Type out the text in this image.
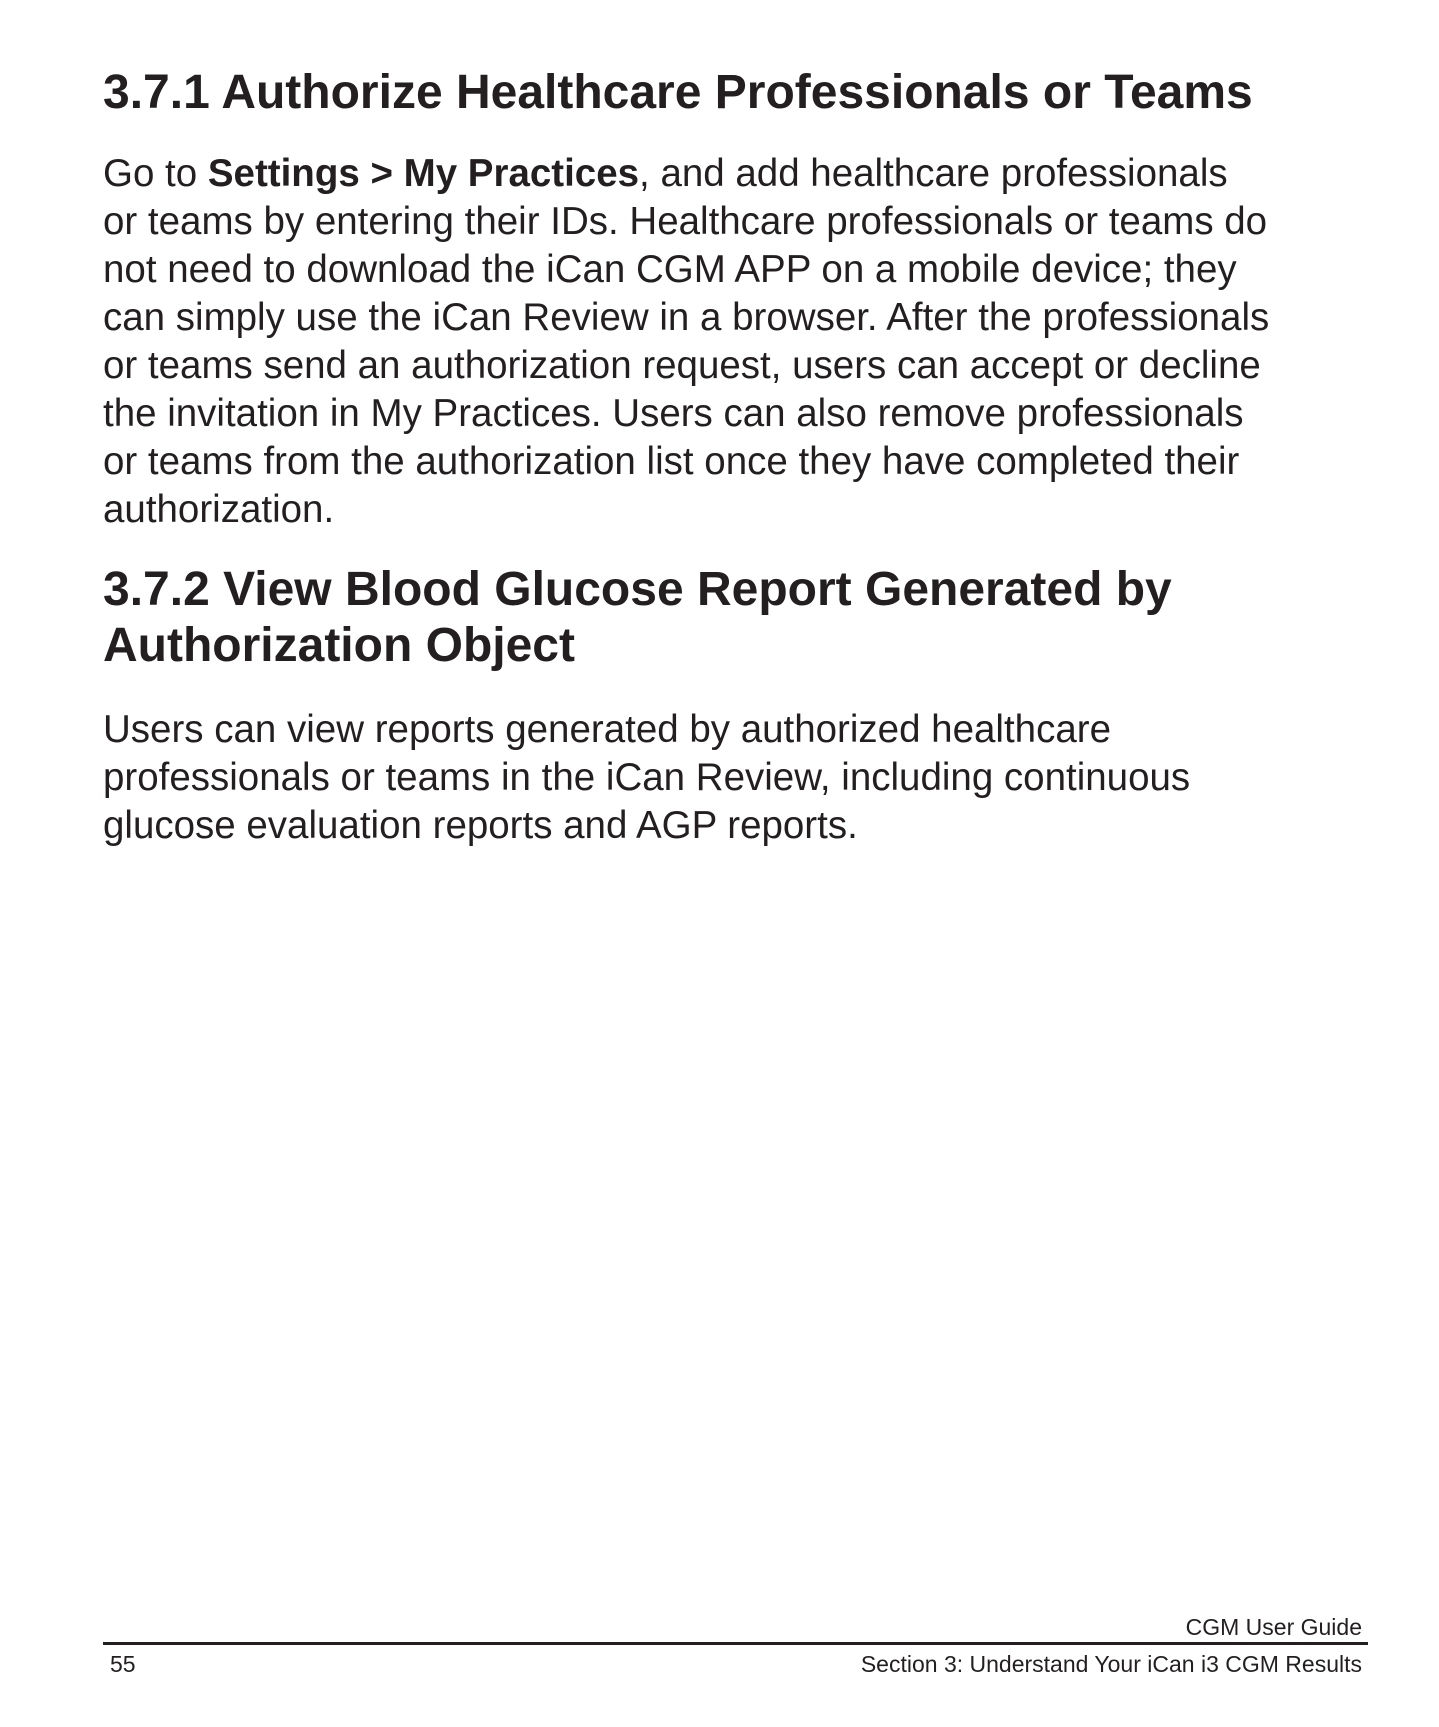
3.7.1 Authorize Healthcare Professionals or Teams
Go to Settings > My Practices, and add healthcare professionals
or teams by entering their IDs. Healthcare professionals or teams do
not need to download the iCan CGM APP on a mobile device; they
can simply use the iCan Review in a browser. After the professionals
or teams send an authorization request, users can accept or decline
the invitation in My Practices. Users can also remove professionals
or teams from the authorization list once they have completed their
authorization.
3.7.2 View Blood Glucose Report Generated by
Authorization Object
Users can view reports generated by authorized healthcare
professionals or teams in the iCan Review, including continuous
glucose evaluation reports and AGP reports.
CGM User Guide
55	Section 3: Understand Your iCan i3 CGM Results
